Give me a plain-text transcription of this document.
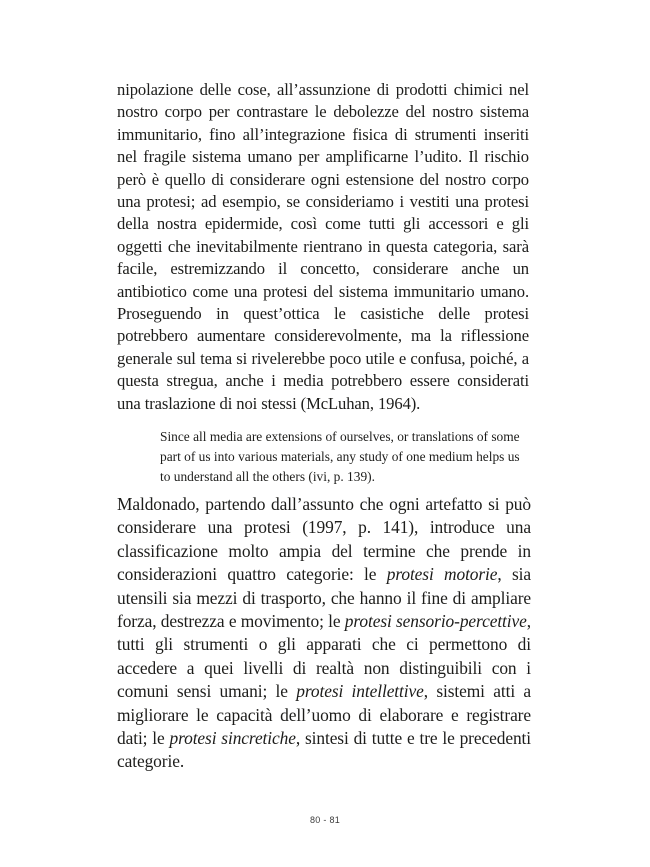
nipolazione delle cose, all’assunzione di prodotti chimici nel nostro corpo per contrastare le debolezze del nostro sistema immunitario, fino all’integrazione fisica di strumenti inseriti nel fragile sistema umano per amplificarne l’udito. Il rischio però è quello di considerare ogni estensione del nostro corpo una protesi; ad esempio, se consideriamo i vestiti una protesi della nostra epidermide, così come tutti gli accessori e gli oggetti che inevitabilmente rientrano in questa categoria, sarà facile, estremizzando il concetto, considerare anche un antibiotico come una protesi del sistema immunitario umano. Proseguendo in quest’ottica le casistiche delle protesi potrebbero aumentare considerevolmente, ma la riflessione generale sul tema si rivelerebbe poco utile e confusa, poiché, a questa stregua, anche i media potrebbero essere considerati una traslazione di noi stessi (McLuhan, 1964).

Since all media are extensions of ourselves, or translations of some part of us into various materials, any study of one medium helps us to understand all the others (ivi, p. 139).

Maldonado, partendo dall’assunto che ogni artefatto si può considerare una protesi (1997, p. 141), introduce una classificazione molto ampia del termine che prende in considerazioni quattro categorie: le protesi motorie, sia utensili sia mezzi di trasporto, che hanno il fine di ampliare forza, destrezza e movimento; le protesi sensorio-percettive, tutti gli strumenti o gli apparati che ci permettono di accedere a quei livelli di realtà non distinguibili con i comuni sensi umani; le protesi intellettive, sistemi atti a migliorare le capacità dell’uomo di elaborare e registrare dati; le protesi sincretiche, sintesi di tutte e tre le precedenti categorie.

80 - 81
